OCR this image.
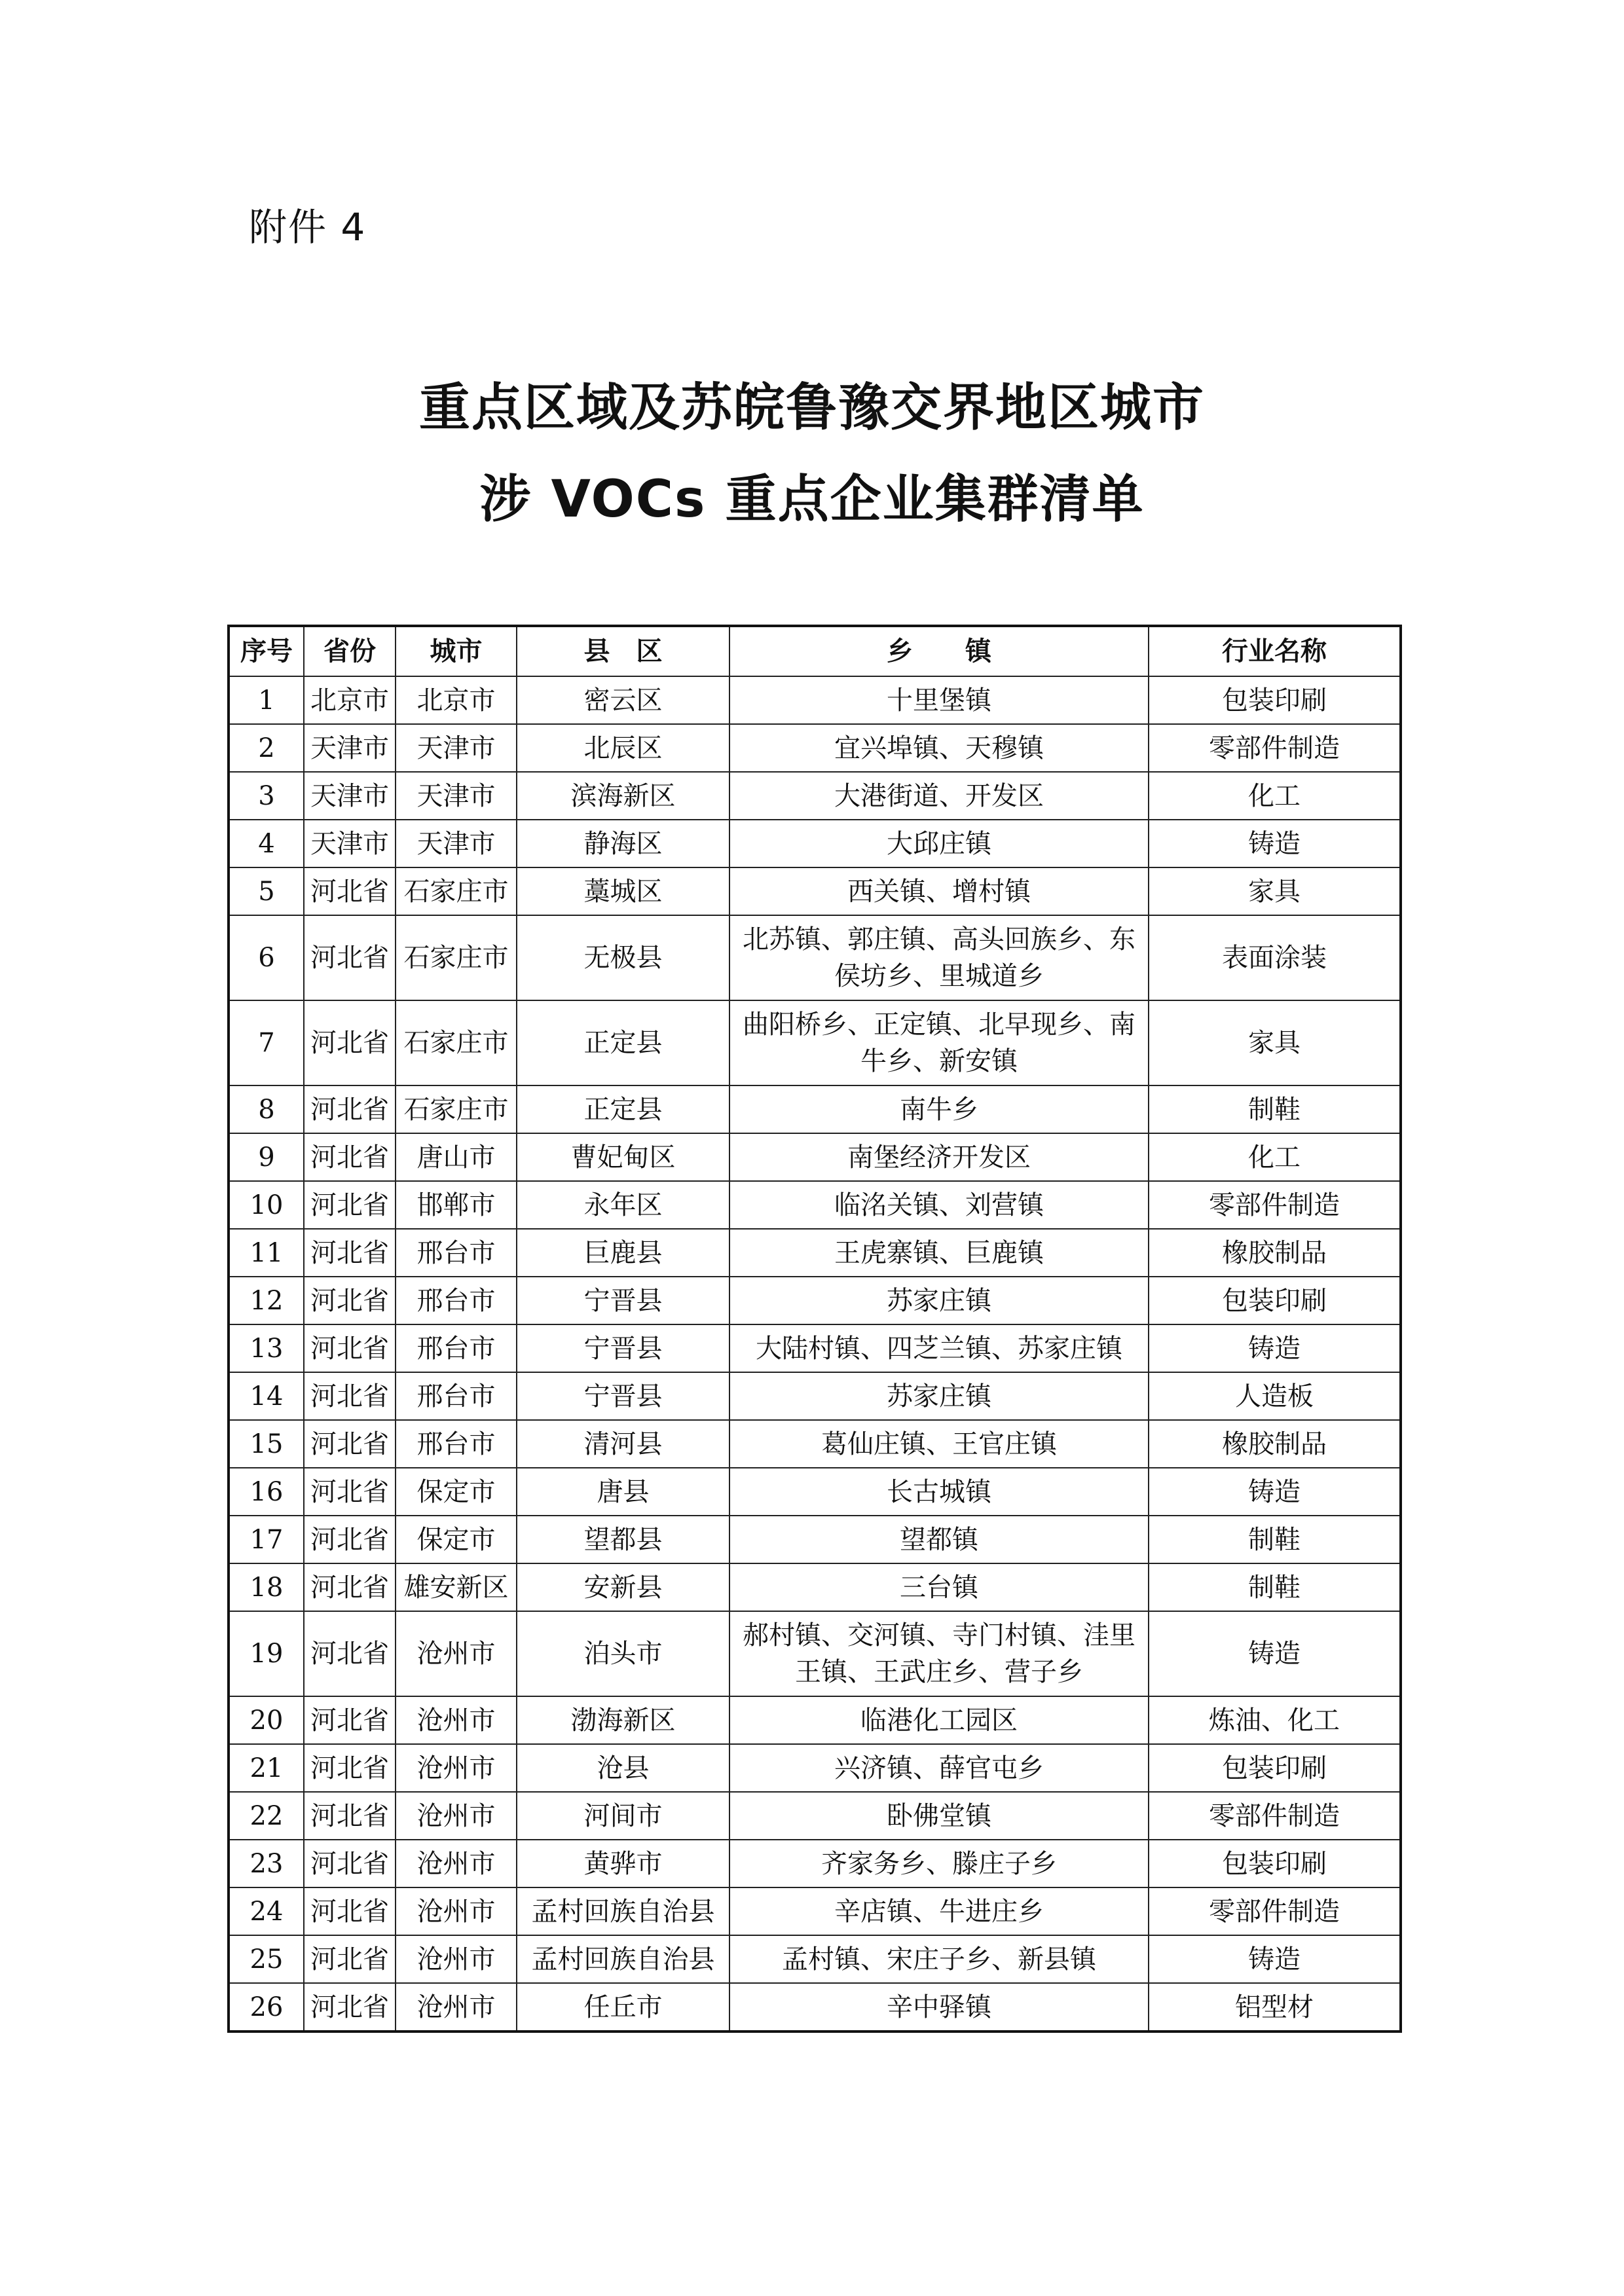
附件 4
重点区域及苏皖鲁豫交界地区城市
涉 VOCs 重点企业集群清单
序号	省份	城市	县　区	乡　　镇	行业名称
1	北京市	北京市	密云区	十里堡镇	包装印刷
2	天津市	天津市	北辰区	宜兴埠镇、天穆镇	零部件制造
3	天津市	天津市	滨海新区	大港街道、开发区	化工
4	天津市	天津市	静海区	大邱庄镇	铸造
5	河北省	石家庄市	藁城区	西关镇、增村镇	家具
6	河北省	石家庄市	无极县	北苏镇、郭庄镇、高头回族乡、东侯坊乡、里城道乡	表面涂装
7	河北省	石家庄市	正定县	曲阳桥乡、正定镇、北早现乡、南牛乡、新安镇	家具
8	河北省	石家庄市	正定县	南牛乡	制鞋
9	河北省	唐山市	曹妃甸区	南堡经济开发区	化工
10	河北省	邯郸市	永年区	临洺关镇、刘营镇	零部件制造
11	河北省	邢台市	巨鹿县	王虎寨镇、巨鹿镇	橡胶制品
12	河北省	邢台市	宁晋县	苏家庄镇	包装印刷
13	河北省	邢台市	宁晋县	大陆村镇、四芝兰镇、苏家庄镇	铸造
14	河北省	邢台市	宁晋县	苏家庄镇	人造板
15	河北省	邢台市	清河县	葛仙庄镇、王官庄镇	橡胶制品
16	河北省	保定市	唐县	长古城镇	铸造
17	河北省	保定市	望都县	望都镇	制鞋
18	河北省	雄安新区	安新县	三台镇	制鞋
19	河北省	沧州市	泊头市	郝村镇、交河镇、寺门村镇、洼里王镇、王武庄乡、营子乡	铸造
20	河北省	沧州市	渤海新区	临港化工园区	炼油、化工
21	河北省	沧州市	沧县	兴济镇、薛官屯乡	包装印刷
22	河北省	沧州市	河间市	卧佛堂镇	零部件制造
23	河北省	沧州市	黄骅市	齐家务乡、滕庄子乡	包装印刷
24	河北省	沧州市	孟村回族自治县	辛店镇、牛进庄乡	零部件制造
25	河北省	沧州市	孟村回族自治县	孟村镇、宋庄子乡、新县镇	铸造
26	河北省	沧州市	任丘市	辛中驿镇	铝型材
